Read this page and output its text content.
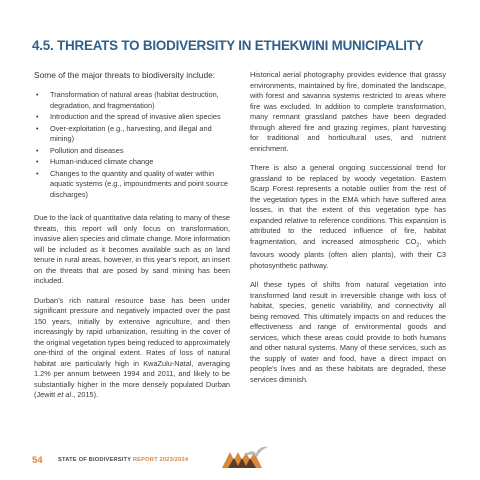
4.5. THREATS TO BIODIVERSITY IN ETHEKWINI MUNICIPALITY

Some of the major threats to biodiversity include:

• Transformation of natural areas (habitat destruction, degradation, and fragmentation)
• Introduction and the spread of invasive alien species
• Over-exploitation (e.g., harvesting, and illegal and mining)
• Pollution and diseases
• Human-induced climate change
• Changes to the quantity and quality of water within aquatic systems (e.g., impoundments and point source discharges)

Due to the lack of quantitative data relating to many of these threats, this report will only focus on transformation, invasive alien species and climate change. More information will be included as it becomes available such as on land tenure in rural areas, however, in this year’s report, an insert on the threats that are posed by sand mining has been included.

Durban’s rich natural resource base has been under significant pressure and negatively impacted over the past 150 years, initially by extensive agriculture, and then increasingly by rapid urbanization, resulting in the cover of the original vegetation types being reduced to approximately one-third of the original extent. Rates of loss of natural habitat are particularly high in KwaZulu-Natal, averaging 1.2% per annum between 1994 and 2011, and likely to be substantially higher in the more densely populated Durban (Jewitt et al., 2015).

Historical aerial photography provides evidence that grassy environments, maintained by fire, dominated the landscape, with forest and savanna systems restricted to areas where fire was excluded. In addition to complete transformation, many remnant grassland patches have been degraded through altered fire and grazing regimes, plant harvesting for traditional and horticultural uses, and nutrient enrichment.

There is also a general ongoing successional trend for grassland to be replaced by woody vegetation. Eastern Scarp Forest represents a notable outlier from the rest of the vegetation types in the EMA which have suffered area losses, in that the extent of this vegetation type has expanded relative to reference conditions. This expansion is attributed to the reduced influence of fire, habitat fragmentation, and increased atmospheric $CO_2$, which favours woody plants (often alien plants), with their C3 photosynthetic pathway.

All these types of shifts from natural vegetation into transformed land result in irreversible change with loss of habitat, species, genetic variability, and connectivity all being removed. This ultimately impacts on and reduces the effectiveness and range of environmental goods and services, which these areas could provide to both humans and other natural systems. Many of these services, such as the supply of water and food, have a direct impact on people’s lives and as these habitats are degraded, these services diminish.

54	STATE OF BIODIVERSITY REPORT 2023/2024
